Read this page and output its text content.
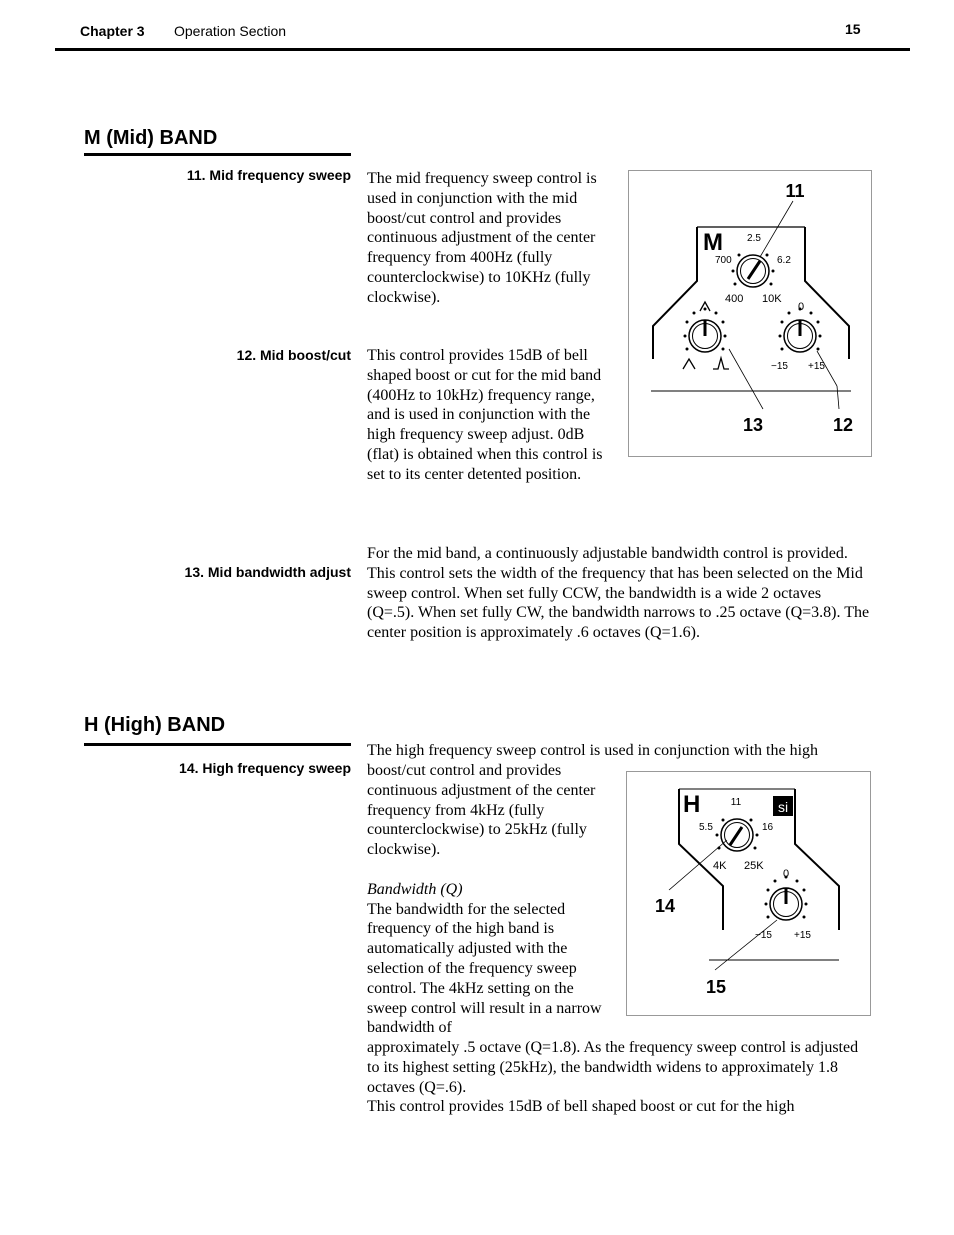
Chapter 3 Operation Section	15
M (Mid) BAND
11. Mid frequency sweep The mid frequency sweep control is used in conjunction with the mid boost/cut control and provides continuous adjustment of the center frequency from 400Hz (fully counterclockwise) to 10KHz (fully clockwise).

12. Mid boost/cut This control provides 15dB of bell shaped boost or cut for the mid band (400Hz to 10kHz) frequency range, and is used in conjunction with the high frequency sweep adjust. 0dB (flat) is obtained when this control is set to its center detented position.

13. Mid bandwidth adjust

For the mid band, a continuously adjustable bandwidth control is provided. This control sets the width of the frequency that has been selected on the Mid sweep control. When set fully CCW, the bandwidth is a wide 2 octaves (Q=.5). When set fully CW, the bandwidth narrows to .25 octave (Q=3.8). The center position is approximately .6 octaves (Q=1.6).

M 2.5
700	6.2
400 10K
0
−15 +15
11
13	12
H (High) BAND
14. High frequency sweep
The high frequency sweep control is used in conjunction with the high

boost/cut control and provides continuous adjustment of the center frequency from 4kHz (fully counterclockwise) to 25kHz (fully clockwise).

Bandwidth (Q)

The bandwidth for the selected frequency of the high band is automatically adjusted with the selection of the frequency sweep control. The 4kHz setting on the sweep control will result in a narrow bandwidth of

approximately .5 octave (Q=1.8). As the frequency sweep control is adjusted to its highest setting (25kHz), the bandwidth widens to approximately 1.8 octaves (Q=.6).

This control provides 15dB of bell shaped boost or cut for the high

H	si
11
5.5	16
4K 25K
0
−15 +15
14
15
